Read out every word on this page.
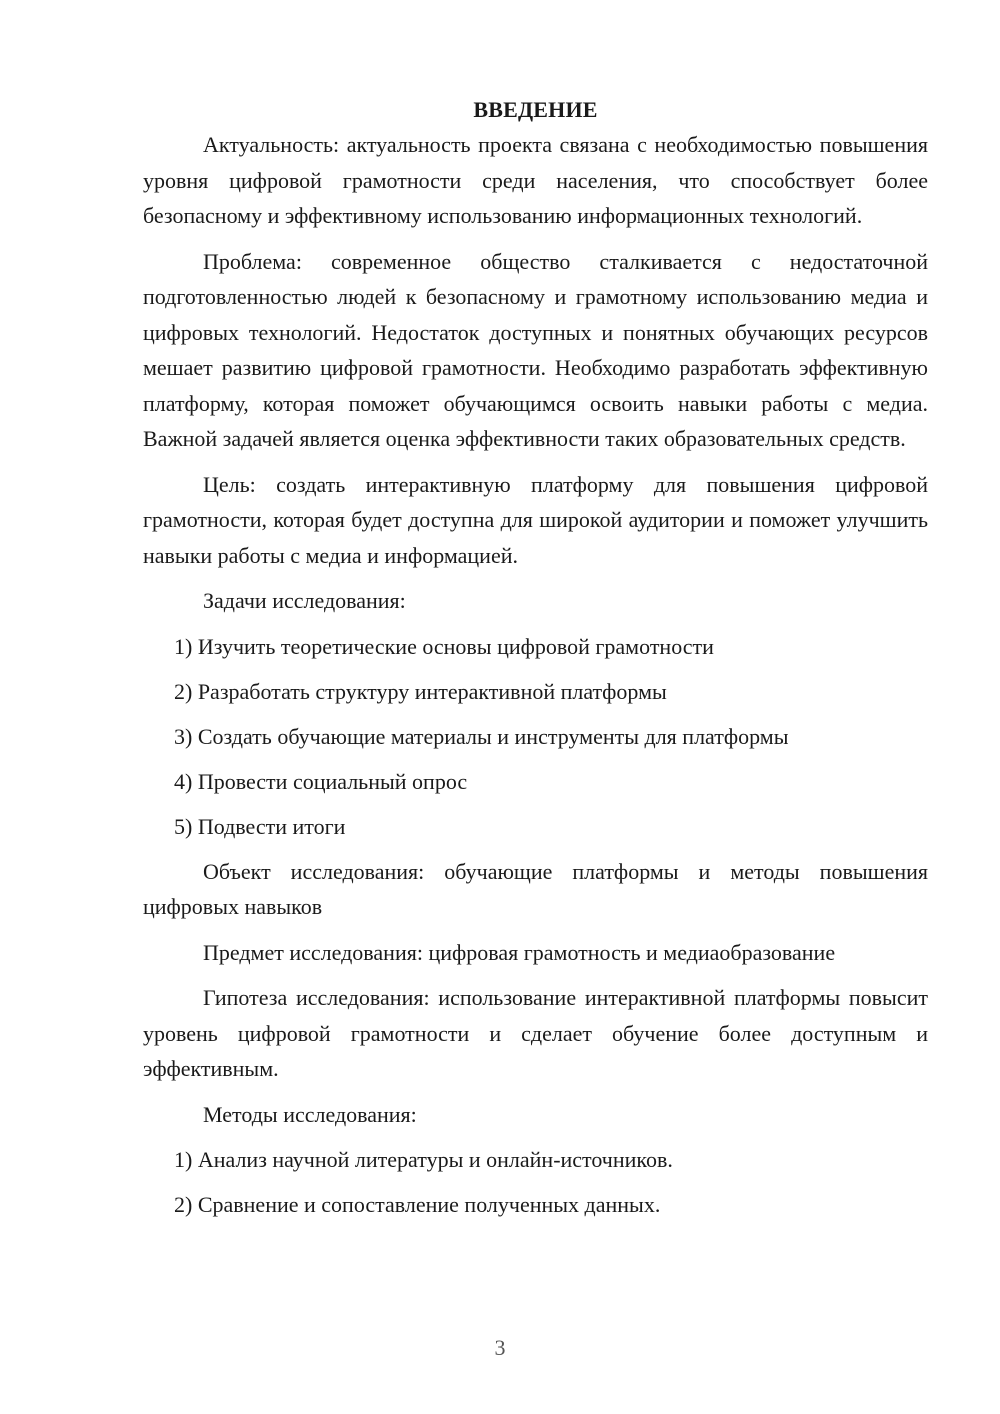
ВВЕДЕНИЕ

Актуальность: актуальность проекта связана с необходимостью повышения уровня цифровой грамотности среди населения, что способствует более безопасному и эффективному использованию информационных технологий.

Проблема: современное общество сталкивается с недостаточной подготовленностью людей к безопасному и грамотному использованию медиа и цифровых технологий. Недостаток доступных и понятных обучающих ресурсов мешает развитию цифровой грамотности. Необходимо разработать эффективную платформу, которая поможет обучающимся освоить навыки работы с медиа. Важной задачей является оценка эффективности таких образовательных средств.

Цель: создать интерактивную платформу для повышения цифровой грамотности, которая будет доступна для широкой аудитории и поможет улучшить навыки работы с медиа и информацией.

Задачи исследования:

1) Изучить теоретические основы цифровой грамотности
2) Разработать структуру интерактивной платформы
3) Создать обучающие материалы и инструменты для платформы
4) Провести социальный опрос
5) Подвести итоги

Объект исследования: обучающие платформы и методы повышения цифровых навыков

Предмет исследования: цифровая грамотность и медиаобразование

Гипотеза исследования: использование интерактивной платформы повысит уровень цифровой грамотности и сделает обучение более доступным и эффективным.

Методы исследования:

1) Анализ научной литературы и онлайн-источников.
2) Сравнение и сопоставление полученных данных.
3
